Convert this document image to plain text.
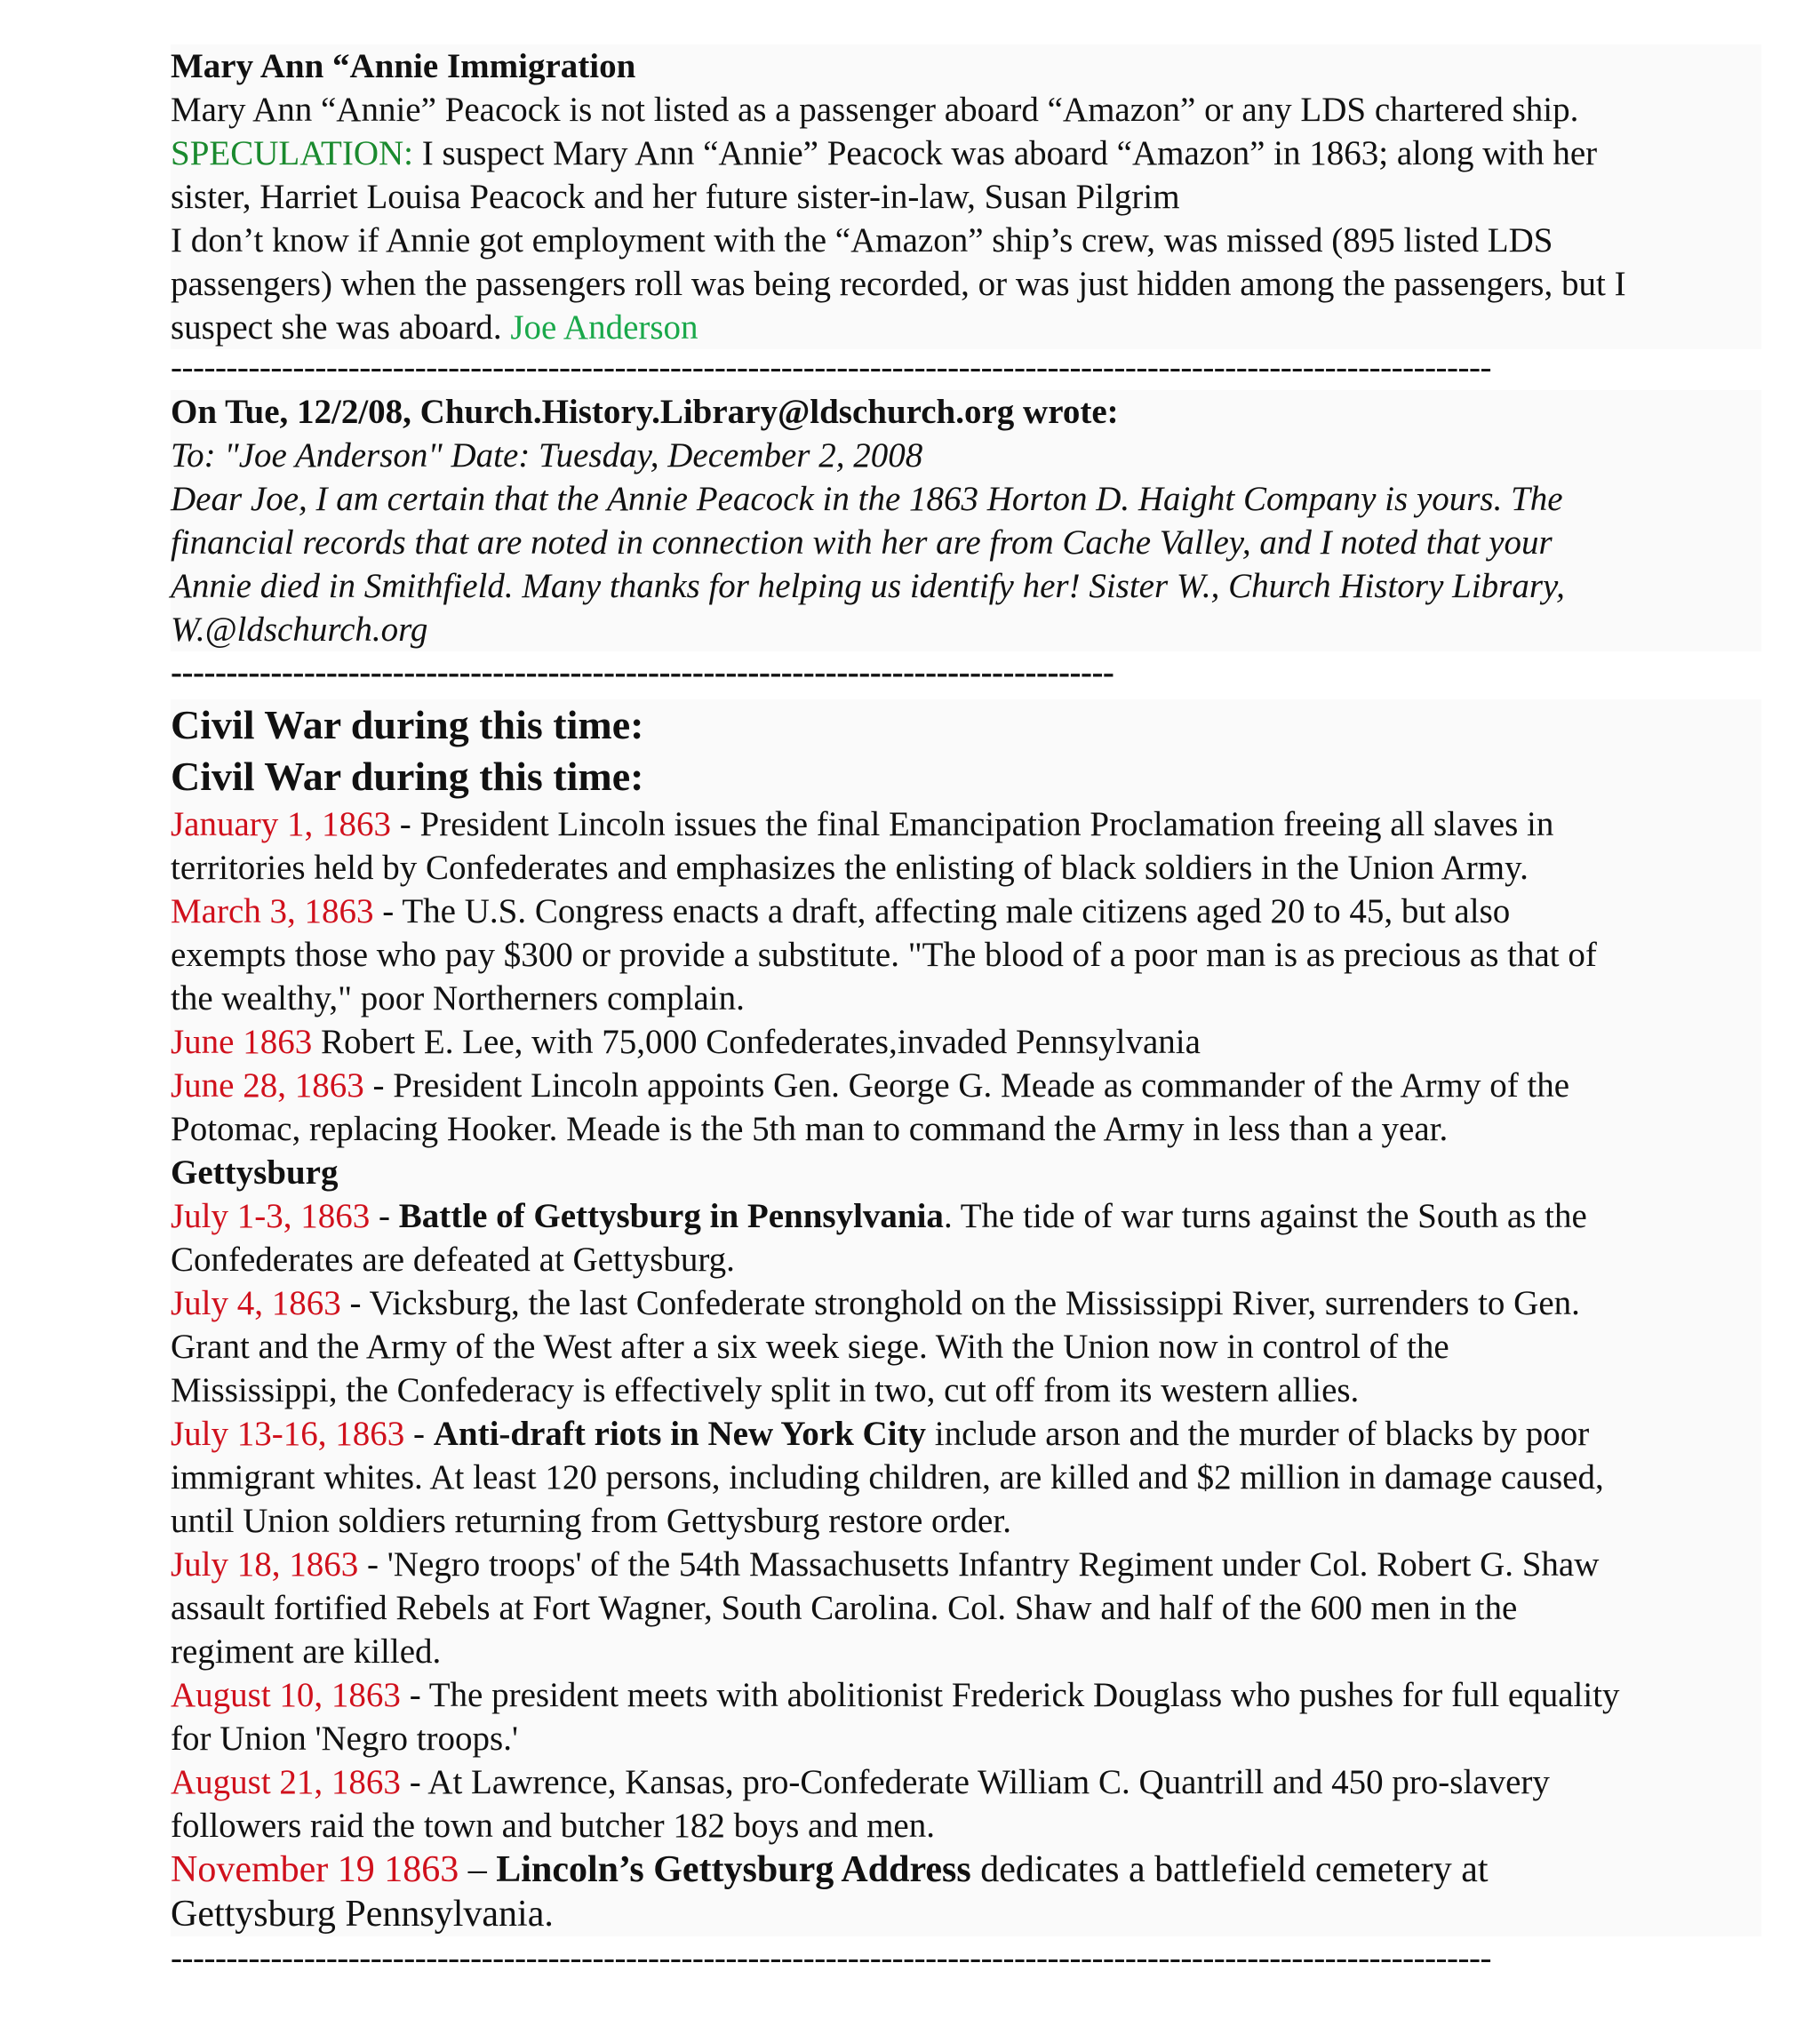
Mary Ann “Annie Immigration
Mary Ann “Annie” Peacock is not listed as a passenger aboard “Amazon” or any LDS chartered ship.
SPECULATION: I suspect Mary Ann “Annie” Peacock was aboard “Amazon” in 1863; along with her
sister, Harriet Louisa Peacock and her future sister-in-law, Susan Pilgrim
I don’t know if Annie got employment with the “Amazon” ship’s crew, was missed (895 listed LDS
passengers) when the passengers roll was being recorded, or was just hidden among the passengers, but I
suspect she was aboard. Joe Anderson
-----------------------------------------------------------------------------------------------------------------------
On Tue, 12/2/08, Church.History.Library@ldschurch.org wrote:
To: "Joe Anderson" Date: Tuesday, December 2, 2008
Dear Joe, I am certain that the Annie Peacock in the 1863 Horton D. Haight Company is yours. The
financial records that are noted in connection with her are from Cache Valley, and I noted that your
Annie died in Smithfield. Many thanks for helping us identify her! Sister W., Church History Library,
W.@ldschurch.org
-------------------------------------------------------------------------------------
Civil War during this time:
Civil War during this time:
January 1, 1863 - President Lincoln issues the final Emancipation Proclamation freeing all slaves in
territories held by Confederates and emphasizes the enlisting of black soldiers in the Union Army.
March 3, 1863 - The U.S. Congress enacts a draft, affecting male citizens aged 20 to 45, but also
exempts those who pay $300 or provide a substitute. "The blood of a poor man is as precious as that of
the wealthy," poor Northerners complain.
June 1863 Robert E. Lee, with 75,000 Confederates,invaded Pennsylvania
June 28, 1863 - President Lincoln appoints Gen. George G. Meade as commander of the Army of the
Potomac, replacing Hooker. Meade is the 5th man to command the Army in less than a year.
Gettysburg
July 1-3, 1863 - Battle of Gettysburg in Pennsylvania. The tide of war turns against the South as the
Confederates are defeated at Gettysburg.
July 4, 1863 - Vicksburg, the last Confederate stronghold on the Mississippi River, surrenders to Gen.
Grant and the Army of the West after a six week siege. With the Union now in control of the
Mississippi, the Confederacy is effectively split in two, cut off from its western allies.
July 13-16, 1863 - Anti-draft riots in New York City include arson and the murder of blacks by poor
immigrant whites. At least 120 persons, including children, are killed and $2 million in damage caused,
until Union soldiers returning from Gettysburg restore order.
July 18, 1863 - 'Negro troops' of the 54th Massachusetts Infantry Regiment under Col. Robert G. Shaw
assault fortified Rebels at Fort Wagner, South Carolina. Col. Shaw and half of the 600 men in the
regiment are killed.
August 10, 1863 - The president meets with abolitionist Frederick Douglass who pushes for full equality
for Union 'Negro troops.'
August 21, 1863 - At Lawrence, Kansas, pro-Confederate William C. Quantrill and 450 pro-slavery
followers raid the town and butcher 182 boys and men.
November 19 1863 – Lincoln’s Gettysburg Address dedicates a battlefield cemetery at
Gettysburg Pennsylvania.
-----------------------------------------------------------------------------------------------------------------------
